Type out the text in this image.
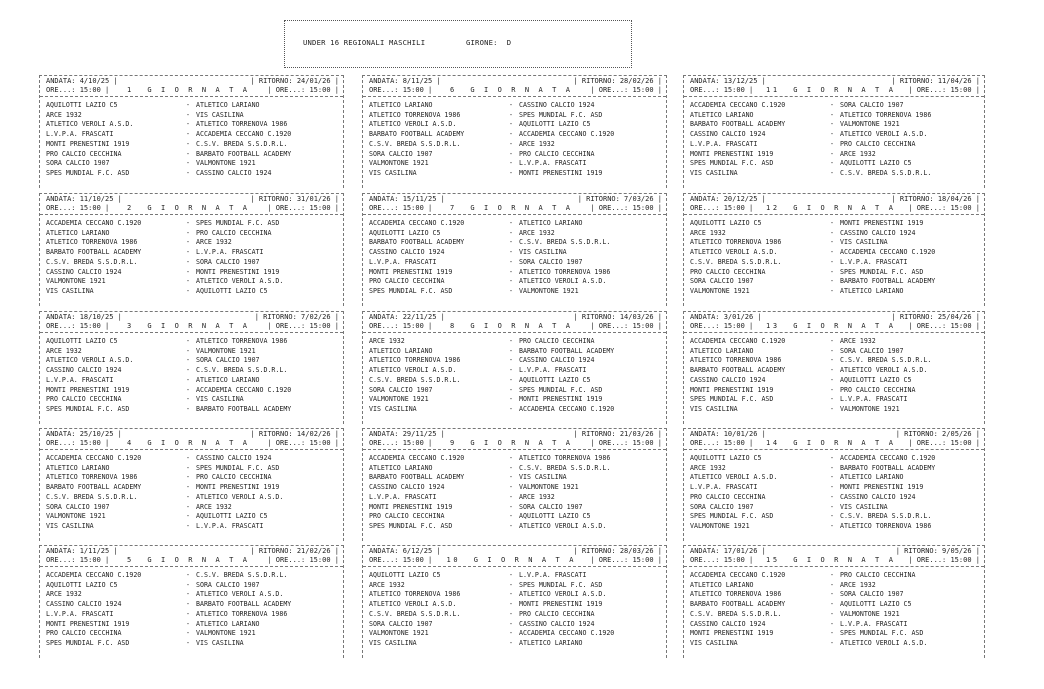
UNDER 16 REGIONALI MASCHILI	GIRONE: D
ANDATA: 4/10/25 |	| RITORNO: 24/01/26 |
ORE...: 15:00 |	1  G I O R N A T A	| ORE...: 15:00 |
AQUILOTTI LAZIO C5	- ATLETICO LARIANO
ARCE 1932	- VIS CASILINA
ATLETICO VEROLI A.S.D.	- ATLETICO TORRENOVA 1986
L.V.P.A. FRASCATI	- ACCADEMIA CECCANO C.1920
MONTI PRENESTINI 1919	- C.S.V. BREDA S.S.D.R.L.
PRO CALCIO CECCHINA	- BARBATO FOOTBALL ACADEMY
SORA CALCIO 1907	- VALMONTONE 1921
SPES MUNDIAL F.C. ASD	- CASSINO CALCIO 1924
ANDATA: 8/11/25 |	| RITORNO: 28/02/26 |
ORE...: 15:00 |	6  G I O R N A T A	| ORE...: 15:00 |
ATLETICO LARIANO	- CASSINO CALCIO 1924
ATLETICO TORRENOVA 1986	- SPES MUNDIAL F.C. ASD
ATLETICO VEROLI A.S.D.	- AQUILOTTI LAZIO C5
BARBATO FOOTBALL ACADEMY	- ACCADEMIA CECCANO C.1920
C.S.V. BREDA S.S.D.R.L.	- ARCE 1932
SORA CALCIO 1907	- PRO CALCIO CECCHINA
VALMONTONE 1921	- L.V.P.A. FRASCATI
VIS CASILINA	- MONTI PRENESTINI 1919
ANDATA: 13/12/25 |	| RITORNO: 11/04/26 |
ORE...: 15:00 | 11  G I O R N A T A | ORE...: 15:00 |
ACCADEMIA CECCANO C.1920	- SORA CALCIO 1907
ATLETICO LARIANO	- ATLETICO TORRENOVA 1986
BARBATO FOOTBALL ACADEMY	- VALMONTONE 1921
CASSINO CALCIO 1924	- ATLETICO VEROLI A.S.D.
L.V.P.A. FRASCATI	- PRO CALCIO CECCHINA
MONTI PRENESTINI 1919	- ARCE 1932
SPES MUNDIAL F.C. ASD	- AQUILOTTI LAZIO C5
VIS CASILINA	- C.S.V. BREDA S.S.D.R.L.
ANDATA: 11/10/25 |	| RITORNO: 31/01/26 |
ORE...: 15:00 |	2  G I O R N A T A	| ORE...: 15:00 |
ACCADEMIA CECCANO C.1920	- SPES MUNDIAL F.C. ASD
ATLETICO LARIANO	- PRO CALCIO CECCHINA
ATLETICO TORRENOVA 1986	- ARCE 1932
BARBATO FOOTBALL ACADEMY	- L.V.P.A. FRASCATI
C.S.V. BREDA S.S.D.R.L.	- SORA CALCIO 1907
CASSINO CALCIO 1924	- MONTI PRENESTINI 1919
VALMONTONE 1921	- ATLETICO VEROLI A.S.D.
VIS CASILINA	- AQUILOTTI LAZIO C5
ANDATA: 15/11/25 |	| RITORNO: 7/03/26 |
ORE...: 15:00 |	7  G I O R N A T A	| ORE...: 15:00 |
ACCADEMIA CECCANO C.1920	- ATLETICO LARIANO
AQUILOTTI LAZIO C5	- ARCE 1932
BARBATO FOOTBALL ACADEMY	- C.S.V. BREDA S.S.D.R.L.
CASSINO CALCIO 1924	- VIS CASILINA
L.V.P.A. FRASCATI	- SORA CALCIO 1907
MONTI PRENESTINI 1919	- ATLETICO TORRENOVA 1986
PRO CALCIO CECCHINA	- ATLETICO VEROLI A.S.D.
SPES MUNDIAL F.C. ASD	- VALMONTONE 1921
ANDATA: 20/12/25 |	| RITORNO: 18/04/26 |
ORE...: 15:00 | 12  G I O R N A T A | ORE...: 15:00 |
AQUILOTTI LAZIO C5	- MONTI PRENESTINI 1919
ARCE 1932	- CASSINO CALCIO 1924
ATLETICO TORRENOVA 1986	- VIS CASILINA
ATLETICO VEROLI A.S.D.	- ACCADEMIA CECCANO C.1920
C.S.V. BREDA S.S.D.R.L.	- L.V.P.A. FRASCATI
PRO CALCIO CECCHINA	- SPES MUNDIAL F.C. ASD
SORA CALCIO 1907	- BARBATO FOOTBALL ACADEMY
VALMONTONE 1921	- ATLETICO LARIANO
ANDATA: 18/10/25 |	| RITORNO: 7/02/26 |
ORE...: 15:00 |	3  G I O R N A T A	| ORE...: 15:00 |
AQUILOTTI LAZIO C5	- ATLETICO TORRENOVA 1986
ARCE 1932	- VALMONTONE 1921
ATLETICO VEROLI A.S.D.	- SORA CALCIO 1907
CASSINO CALCIO 1924	- C.S.V. BREDA S.S.D.R.L.
L.V.P.A. FRASCATI	- ATLETICO LARIANO
MONTI PRENESTINI 1919	- ACCADEMIA CECCANO C.1920
PRO CALCIO CECCHINA	- VIS CASILINA
SPES MUNDIAL F.C. ASD	- BARBATO FOOTBALL ACADEMY
ANDATA: 22/11/25 |	| RITORNO: 14/03/26 |
ORE...: 15:00 |	8  G I O R N A T A	| ORE...: 15:00 |
ARCE 1932	- PRO CALCIO CECCHINA
ATLETICO LARIANO	- BARBATO FOOTBALL ACADEMY
ATLETICO TORRENOVA 1986	- CASSINO CALCIO 1924
ATLETICO VEROLI A.S.D.	- L.V.P.A. FRASCATI
C.S.V. BREDA S.S.D.R.L.	- AQUILOTTI LAZIO C5
SORA CALCIO 1907	- SPES MUNDIAL F.C. ASD
VALMONTONE 1921	- MONTI PRENESTINI 1919
VIS CASILINA	- ACCADEMIA CECCANO C.1920
ANDATA: 3/01/26 |	| RITORNO: 25/04/26 |
ORE...: 15:00 | 13  G I O R N A T A | ORE...: 15:00 |
ACCADEMIA CECCANO C.1920	- ARCE 1932
ATLETICO LARIANO	- SORA CALCIO 1907
ATLETICO TORRENOVA 1986	- C.S.V. BREDA S.S.D.R.L.
BARBATO FOOTBALL ACADEMY	- ATLETICO VEROLI A.S.D.
CASSINO CALCIO 1924	- AQUILOTTI LAZIO C5
MONTI PRENESTINI 1919	- PRO CALCIO CECCHINA
SPES MUNDIAL F.C. ASD	- L.V.P.A. FRASCATI
VIS CASILINA	- VALMONTONE 1921
ANDATA: 25/10/25 |	| RITORNO: 14/02/26 |
ORE...: 15:00 |	4  G I O R N A T A	| ORE...: 15:00 |
ACCADEMIA CECCANO C.1920	- CASSINO CALCIO 1924
ATLETICO LARIANO	- SPES MUNDIAL F.C. ASD
ATLETICO TORRENOVA 1986	- PRO CALCIO CECCHINA
BARBATO FOOTBALL ACADEMY	- MONTI PRENESTINI 1919
C.S.V. BREDA S.S.D.R.L.	- ATLETICO VEROLI A.S.D.
SORA CALCIO 1907	- ARCE 1932
VALMONTONE 1921	- AQUILOTTI LAZIO C5
VIS CASILINA	- L.V.P.A. FRASCATI
ANDATA: 29/11/25 |	| RITORNO: 21/03/26 |
ORE...: 15:00 |	9  G I O R N A T A	| ORE...: 15:00 |
ACCADEMIA CECCANO C.1920	- ATLETICO TORRENOVA 1986
ATLETICO LARIANO	- C.S.V. BREDA S.S.D.R.L.
BARBATO FOOTBALL ACADEMY	- VIS CASILINA
CASSINO CALCIO 1924	- VALMONTONE 1921
L.V.P.A. FRASCATI	- ARCE 1932
MONTI PRENESTINI 1919	- SORA CALCIO 1907
PRO CALCIO CECCHINA	- AQUILOTTI LAZIO C5
SPES MUNDIAL F.C. ASD	- ATLETICO VEROLI A.S.D.
ANDATA: 10/01/26 |	| RITORNO: 2/05/26 |
ORE...: 15:00 | 14  G I O R N A T A | ORE...: 15:00 |
AQUILOTTI LAZIO C5	- ACCADEMIA CECCANO C.1920
ARCE 1932	- BARBATO FOOTBALL ACADEMY
ATLETICO VEROLI A.S.D.	- ATLETICO LARIANO
L.V.P.A. FRASCATI	- MONTI PRENESTINI 1919
PRO CALCIO CECCHINA	- CASSINO CALCIO 1924
SORA CALCIO 1907	- VIS CASILINA
SPES MUNDIAL F.C. ASD	- C.S.V. BREDA S.S.D.R.L.
VALMONTONE 1921	- ATLETICO TORRENOVA 1986
ANDATA: 1/11/25 |	| RITORNO: 21/02/26 |
ORE...: 15:00 |	5  G I O R N A T A	| ORE...: 15:00 |
ACCADEMIA CECCANO C.1920	- C.S.V. BREDA S.S.D.R.L.
AQUILOTTI LAZIO C5	- SORA CALCIO 1907
ARCE 1932	- ATLETICO VEROLI A.S.D.
CASSINO CALCIO 1924	- BARBATO FOOTBALL ACADEMY
L.V.P.A. FRASCATI	- ATLETICO TORRENOVA 1986
MONTI PRENESTINI 1919	- ATLETICO LARIANO
PRO CALCIO CECCHINA	- VALMONTONE 1921
SPES MUNDIAL F.C. ASD	- VIS CASILINA
ANDATA: 6/12/25 |	| RITORNO: 28/03/26 |
ORE...: 15:00 | 10  G I O R N A T A | ORE...: 15:00 |
AQUILOTTI LAZIO C5	- L.V.P.A. FRASCATI
ARCE 1932	- SPES MUNDIAL F.C. ASD
ATLETICO TORRENOVA 1986	- ATLETICO VEROLI A.S.D.
ATLETICO VEROLI A.S.D.	- MONTI PRENESTINI 1919
C.S.V. BREDA S.S.D.R.L.	- PRO CALCIO CECCHINA
SORA CALCIO 1907	- CASSINO CALCIO 1924
VALMONTONE 1921	- ACCADEMIA CECCANO C.1920
VIS CASILINA	- ATLETICO LARIANO
ANDATA: 17/01/26 |	| RITORNO: 9/05/26 |
ORE...: 15:00 | 15  G I O R N A T A | ORE...: 15:00 |
ACCADEMIA CECCANO C.1920	- PRO CALCIO CECCHINA
ATLETICO LARIANO	- ARCE 1932
ATLETICO TORRENOVA 1986	- SORA CALCIO 1907
BARBATO FOOTBALL ACADEMY	- AQUILOTTI LAZIO C5
C.S.V. BREDA S.S.D.R.L.	- VALMONTONE 1921
CASSINO CALCIO 1924	- L.V.P.A. FRASCATI
MONTI PRENESTINI 1919	- SPES MUNDIAL F.C. ASD
VIS CASILINA	- ATLETICO VEROLI A.S.D.
